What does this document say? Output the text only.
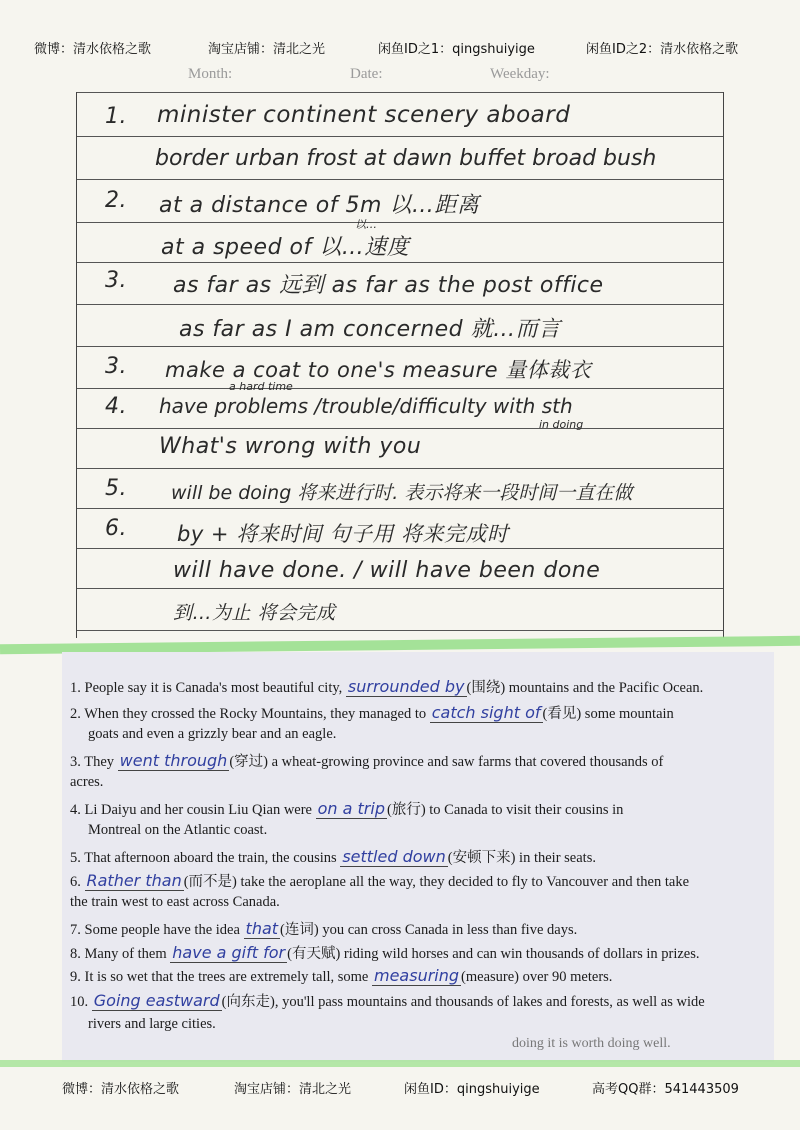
微博：清水依格之歌	淘宝店铺：清北之光	闲鱼ID之1：qingshuiyige	闲鱼ID之2：清水依格之歌
Month:	Date:	Weekday:
1. minister continent scenery aboard
border urban frost at dawn buffet broad bush
2. at a distance of 5m 以…距离
以…
at a speed of 以…速度
3. as far as 远到 as far as the post office
as far as I am concerned 就…而言
3. make a coat to one's measure 量体裁衣
a hard time
4. have problems /trouble/difficulty with sth
in doing
What's wrong with you
5. will be doing 将来进行时. 表示将来一段时间一直在做
6. by + 将来时间 句子用 将来完成时
will have done. / will have been done
到…为止 将会完成
1. People say it is Canada's most beautiful city, surrounded by (围绕) mountains and the Pacific Ocean.
2. When they crossed the Rocky Mountains, they managed to catch sight of (看见) some mountain
goats and even a grizzly bear and an eagle.
3. They went through (穿过) a wheat-growing province and saw farms that covered thousands of
acres.
4. Li Daiyu and her cousin Liu Qian were on a trip (旅行) to Canada to visit their cousins in
Montreal on the Atlantic coast.
5. That afternoon aboard the train, the cousins settled down (安顿下来) in their seats.
6. Rather than (而不是) take the aeroplane all the way, they decided to fly to Vancouver and then take
the train west to east across Canada.
7. Some people have the idea that (连词) you can cross Canada in less than five days.
8. Many of them have a gift for (有天赋) riding wild horses and can win thousands of dollars in prizes.
9. It is so wet that the trees are extremely tall, some measuring (measure) over 90 meters.
10. Going eastward (向东走), you'll pass mountains and thousands of lakes and forests, as well as wide
rivers and large cities.
doing it is worth doing well.
微博：清水依格之歌	淘宝店铺：清北之光	闲鱼ID：qingshuiyige	高考QQ群：541443509
